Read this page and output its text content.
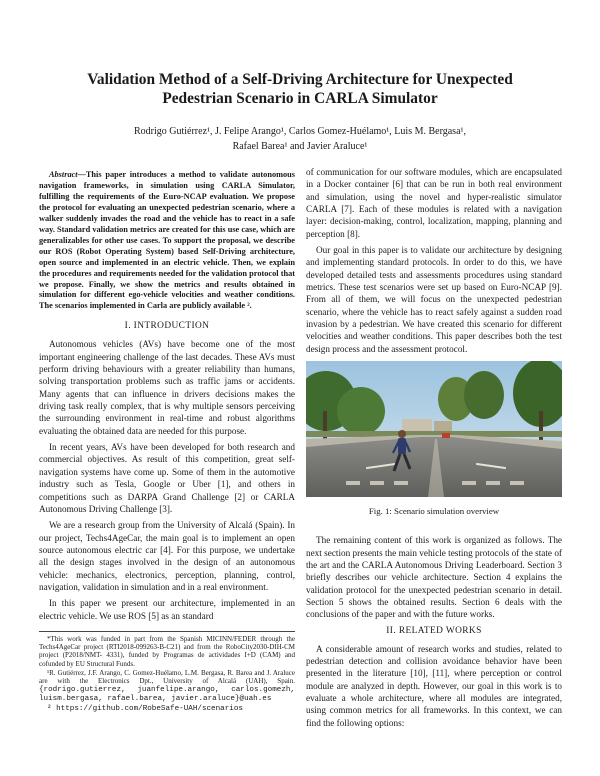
Validation Method of a Self-Driving Architecture for Unexpected
Pedestrian Scenario in CARLA Simulator
Rodrigo Gutiérrez¹, J. Felipe Arango¹, Carlos Gomez-Huélamo¹, Luis M. Bergasa¹,
Rafael Barea¹ and Javier Araluce¹

Abstract—This paper introduces a method to validate autonomous navigation frameworks, in simulation using CARLA Simulator, fulfilling the requirements of the Euro-NCAP evaluation. We propose the protocol for evaluating an unexpected pedestrian scenario, where a walker suddenly invades the road and the vehicle has to react in a safe way. Standard validation metrics are created for this use case, which are generalizables for other use cases. To support the proposal, we describe our ROS (Robot Operating System) based Self-Driving architecture, open source and implemented in an electric vehicle. Then, we explain the procedures and requirements needed for the validation protocol that we propose. Finally, we show the metrics and results obtained in simulation for different ego-vehicle velocities and weather conditions. The scenarios implemented in Carla are publicly available ².

I. INTRODUCTION

Autonomous vehicles (AVs) have become one of the most important engineering challenge of the last decades. These AVs must perform driving behaviours with a greater reliability than humans, solving transportation problems such as traffic jams or accidents. Many agents that can influence in drivers decisions makes the driving task really complex, that is why multiple sensors perceiving the surrounding environment in real-time and robust algorithms evaluating the obtained data are needed for this purpose.

In recent years, AVs have been developed for both research and commercial objectives. As result of this competition, great self-navigation systems have come up. Some of them in the automotive industry such as Tesla, Google or Uber [1], and others in competitions such as DARPA Grand Challenge [2] or CARLA Autonomous Driving Challenge [3].

We are a research group from the University of Alcalá (Spain). In our project, Techs4AgeCar, the main goal is to implement an open source autonomous electric car [4]. For this purpose, we undertake all the design stages involved in the design of an autonomous vehicle: mechanics, electronics, perception, planning, control, navigation, validation in simulation and in a real environment.

In this paper we present our architecture, implemented in an electric vehicle. We use ROS [5] as an standard

*This work was funded in part from the Spanish MICINN/FEDER through the Techs4AgeCar project (RTI2018-099263-B-C21) and from the RoboCity2030-DIH-CM project (P2018/NMT- 4331), funded by Programas de actividades I+D (CAM) and cofunded by EU Structural Funds.

¹R. Gutiérrez, J.F. Arango, C. Gomez-Huélamo, L.M. Bergasa, R. Barea and J. Araluce are with the Electronics Dpt., University of Alcalá (UAH), Spain. {rodrigo.gutierrez, juanfelipe.arango, carlos.gomezh, luism.bergasa, rafael.barea, javier.araluce}@uah.es

² https://github.com/RobeSafe-UAH/scenarios

of communication for our software modules, which are encapsulated in a Docker container [6] that can be run in both real environment and simulation, using the novel and hyper-realistic simulator CARLA [7]. Each of these modules is related with a navigation layer: decision-making, control, localization, mapping, planning and perception [8].

Our goal in this paper is to validate our architecture by designing and implementing standard protocols. In order to do this, we have developed detailed tests and assessments procedures using standard metrics. These test scenarios were set up based on Euro-NCAP [9]. From all of them, we will focus on the unexpected pedestrian scenario, where the vehicle has to react safely against a sudden road invasion by a pedestrian. We have created this scenario for different velocities and weather conditions. This paper describes both the test design process and the assessment protocol.

Fig. 1: Scenario simulation overview

The remaining content of this work is organized as follows. The next section presents the main vehicle testing protocols of the state of the art and the CARLA Autonomous Driving Leaderboard. Section 3 briefly describes our vehicle architecture. Section 4 explains the validation protocol for the unexpected pedestrian scenario in detail. Section 5 shows the obtained results. Section 6 deals with the conclusions of the paper and with the future works.

II. RELATED WORKS

A considerable amount of research works and studies, related to pedestrian detection and collision avoidance behavior have been presented in the literature [10], [11], where perception or control module are analyzed in depth. However, our goal in this work is to evaluate a whole architecture, where all modules are integrated, using common metrics for all frameworks. In this context, we can find the following options:
